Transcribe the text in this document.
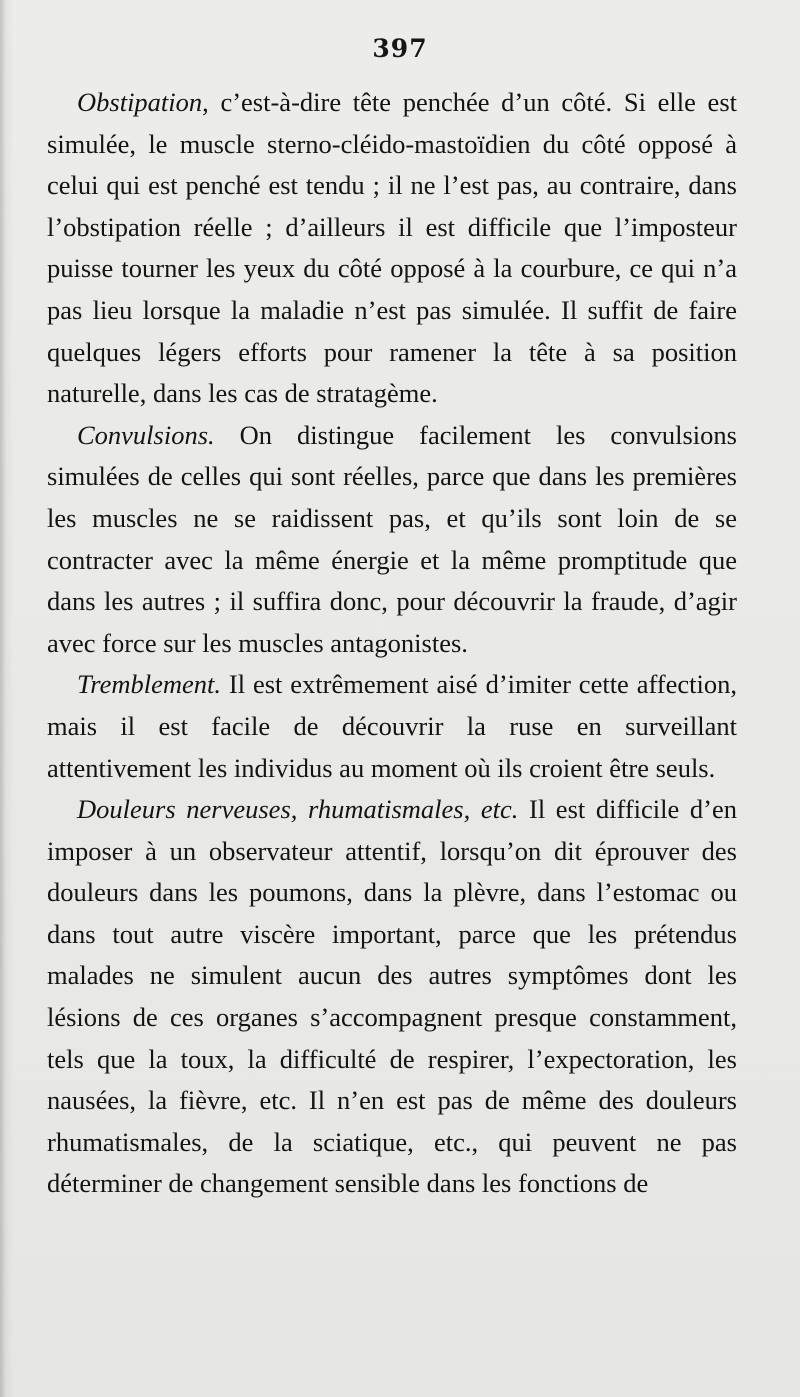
397

Obstipation, c’est-à-dire tête penchée d’un côté. Si elle est simulée, le muscle sterno-cléido-mastoïdien du côté opposé à celui qui est penché est tendu ; il ne l’est pas, au contraire, dans l’obstipation réelle ; d’ailleurs il est difficile que l’imposteur puisse tourner les yeux du côté opposé à la courbure, ce qui n’a pas lieu lorsque la maladie n’est pas simulée. Il suffit de faire quelques légers efforts pour ramener la tête à sa position naturelle, dans les cas de stratagème.

Convulsions. On distingue facilement les convulsions simulées de celles qui sont réelles, parce que dans les premières les muscles ne se raidissent pas, et qu’ils sont loin de se contracter avec la même énergie et la même promptitude que dans les autres ; il suffira donc, pour découvrir la fraude, d’agir avec force sur les muscles antagonistes.

Tremblement. Il est extrêmement aisé d’imiter cette affection, mais il est facile de découvrir la ruse en surveillant attentivement les individus au moment où ils croient être seuls.

Douleurs nerveuses, rhumatismales, etc. Il est difficile d’en imposer à un observateur attentif, lorsqu’on dit éprouver des douleurs dans les poumons, dans la plèvre, dans l’estomac ou dans tout autre viscère important, parce que les prétendus malades ne simulent aucun des autres symptômes dont les lésions de ces organes s’accompagnent presque constamment, tels que la toux, la difficulté de respirer, l’expectoration, les nausées, la fièvre, etc. Il n’en est pas de même des douleurs rhumatismales, de la sciatique, etc., qui peuvent ne pas déterminer de changement sensible dans les fonctions de
